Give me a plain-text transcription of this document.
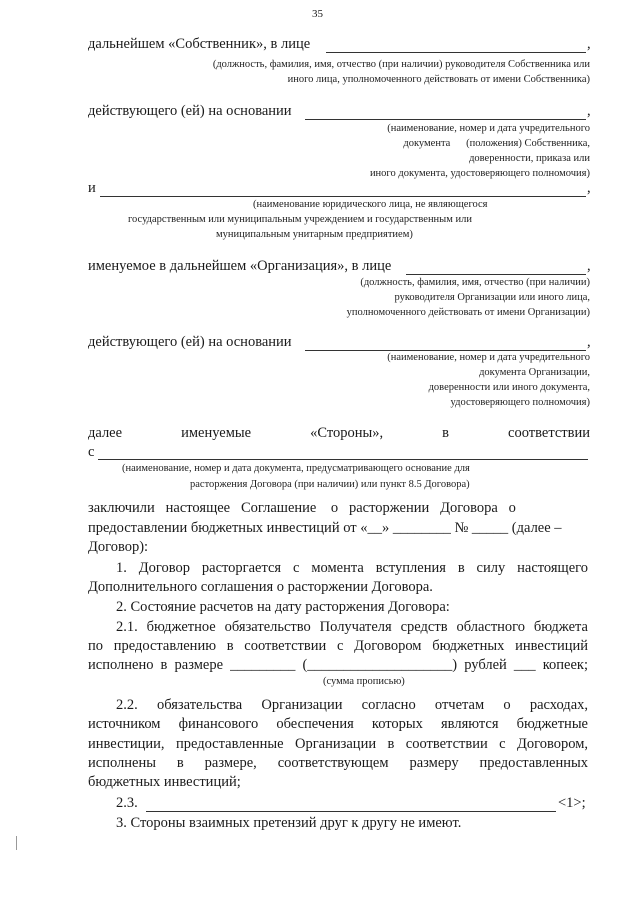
35
дальнейшем «Собственник», в лице	,
(должность, фамилия, имя, отчество (при наличии) руководителя Собственника или
иного лица, уполномоченного действовать от имени Собственника)
действующего (ей) на основании	,
(наименование, номер и дата учредительного
документа      (положения) Собственника,
доверенности, приказа или
иного документа, удостоверяющего полномочия)
и	,
(наименование юридического лица, не являющегося
государственным или муниципальным учреждением и государственным или
муниципальным унитарным предприятием)
именуемое в дальнейшем «Организация», в лице	,
(должность, фамилия, имя, отчество (при наличии)
руководителя Организации или иного лица,
уполномоченного действовать от имени Организации)
действующего (ей) на основании	,
(наименование, номер и дата учредительного
документа Организации,
доверенности или иного документа,
удостоверяющего полномочия)
далее	именуемые	«Стороны»,	в	соответствии
с
(наименование, номер и дата документа, предусматривающего основание для
расторжения Договора (при наличии) или пункт 8.5 Договора)
заключили   настоящее   Соглашение    о   расторжении   Договора   о
предоставлении бюджетных инвестиций от «__» ________ № _____ (далее –
Договор):
1. Договор расторгается с момента вступления в силу настоящего
Дополнительного соглашения о расторжении Договора.
2. Состояние расчетов на дату расторжения Договора:
2.1. бюджетное обязательство Получателя средств областного бюджета
по предоставлению в соответствии с Договором бюджетных инвестиций
исполнено в размере _________ (____________________) рублей ___ копеек;
(сумма прописью)
2.2. обязательства Организации согласно отчетам о расходах,
источником финансового обеспечения которых являются бюджетные
инвестиции, предоставленные Организации в соответствии с Договором,
исполнены в размере, соответствующем размеру предоставленных
бюджетных инвестиций;
2.3.	<1>;
3. Стороны взаимных претензий друг к другу не имеют.
